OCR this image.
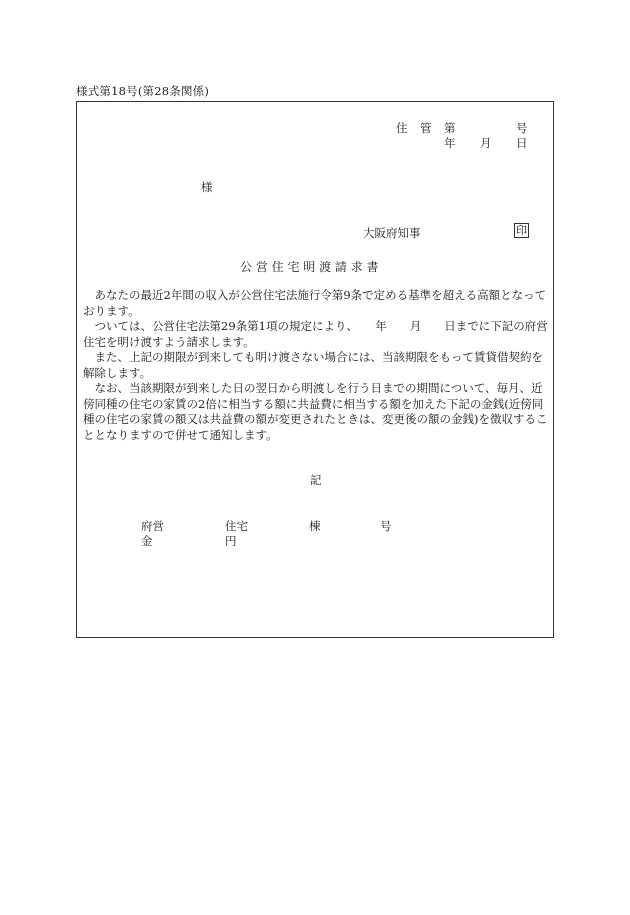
様式第18号(第28条関係)
住 管 第	号
年 月 日
様
大阪府知事	印
公 営 住 宅 明 渡 請 求 書

あなたの最近2年間の収入が公営住宅法施行令第9条で定める基準を超える高額となっております。

ついては、公営住宅法第29条第1項の規定により、　　年　　月　　日までに下記の府営住宅を明け渡すよう請求します。

また、上記の期限が到来しても明け渡さない場合には、当該期限をもって賃貸借契約を解除します。

なお、当該期限が到来した日の翌日から明渡しを行う日までの期間について、毎月、近傍同種の住宅の家賃の2倍に相当する額に共益費に相当する額を加えた下記の金銭(近傍同種の住宅の家賃の額又は共益費の額が変更されたときは、変更後の額の金銭)を徴収することとなりますので併せて通知します。

記
府営	住宅	棟	号
金	円
